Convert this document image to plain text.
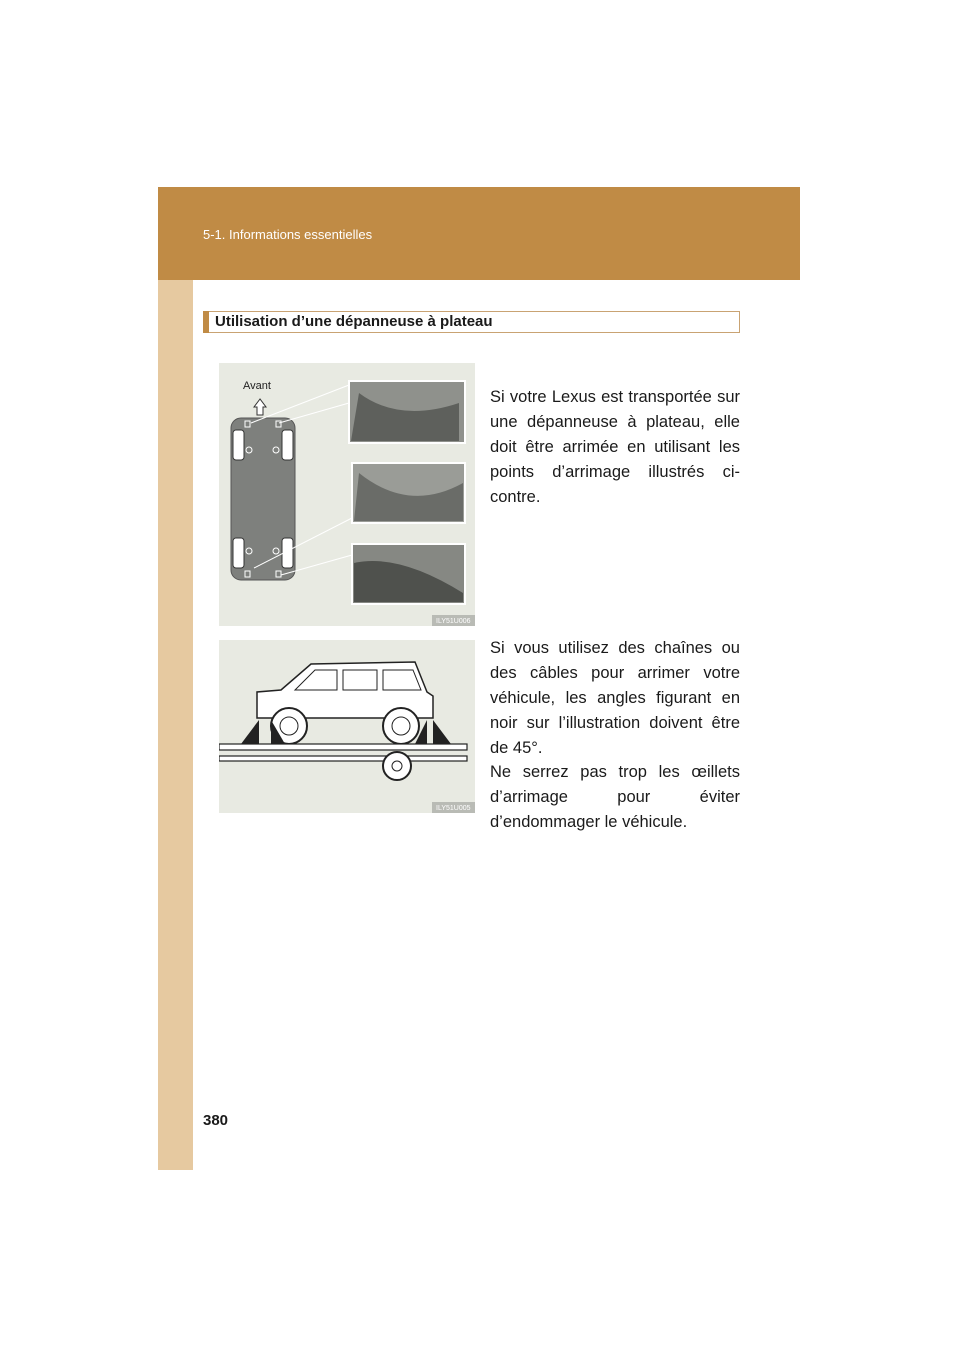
5-1. Informations essentielles
Utilisation d’une dépanneuse à plateau
Avant
ILY51U006
ILY51U005
Si votre Lexus est transportée sur une dépanneuse à plateau, elle doit être arrimée en utilisant les points d’arrimage illustrés ci-contre.
Si vous utilisez des chaînes ou des câbles pour arrimer votre véhicule, les angles figurant en noir sur l’illustration doivent être de 45°.
Ne serrez pas trop les œillets d’arrimage pour éviter d’endommager le véhicule.
380
